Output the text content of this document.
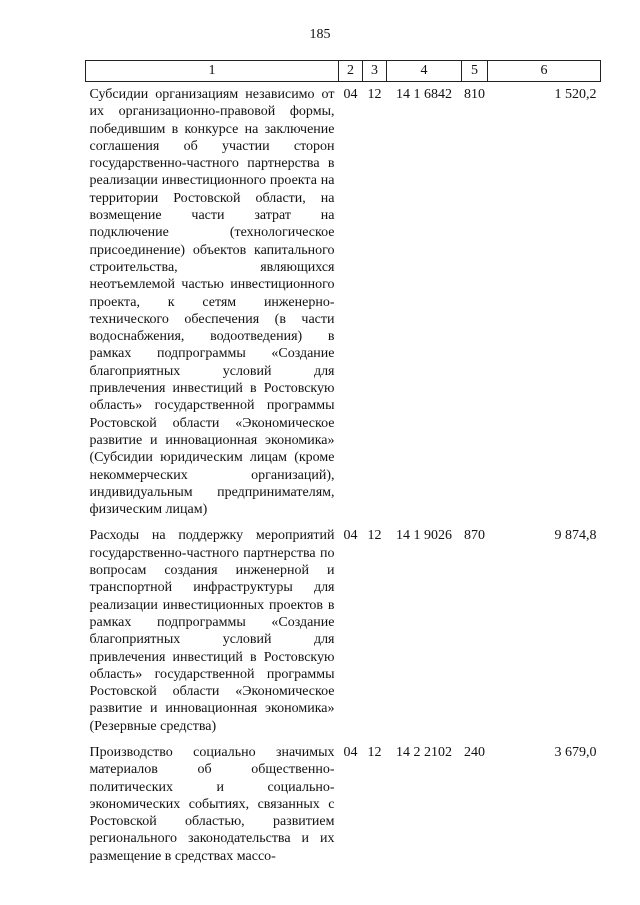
185
1	2	3	4	5	6
Субсидии организациям независимо от их организационно-правовой формы, победившим в конкурсе на заключение соглашения об участии сторон государственно-частного партнерства в реализации инвестиционного проекта на территории Ростовской области, на возмещение части затрат на подключение (технологическое присоединение) объектов капитального строительства, являющихся неотъемлемой частью инвестиционного проекта, к сетям инженерно-технического обеспечения (в части водоснабжения, водоотведения) в рамках подпрограммы «Создание благоприятных условий для привлечения инвестиций в Ростовскую область» государственной программы Ростовской области «Экономическое развитие и инновационная экономика» (Субсидии юридическим лицам (кроме некоммерческих организаций), индивидуальным предпринимателям, физическим лицам)	04	12	14 1 6842	810	1 520,2
Расходы на поддержку мероприятий государственно-частного партнерства по вопросам создания инженерной и транспортной инфраструктуры для реализации инвестиционных проектов в рамках подпрограммы «Создание благоприятных условий для привлечения инвестиций в Ростовскую область» государственной программы Ростовской области «Экономическое развитие и инновационная экономика» (Резервные средства)	04	12	14 1 9026	870	9 874,8
Производство социально значимых материалов об общественно-политических и социально-экономических событиях, связанных с Ростовской областью, развитием регионального законодательства и их размещение в средствах массо-	04	12	14 2 2102	240	3 679,0
